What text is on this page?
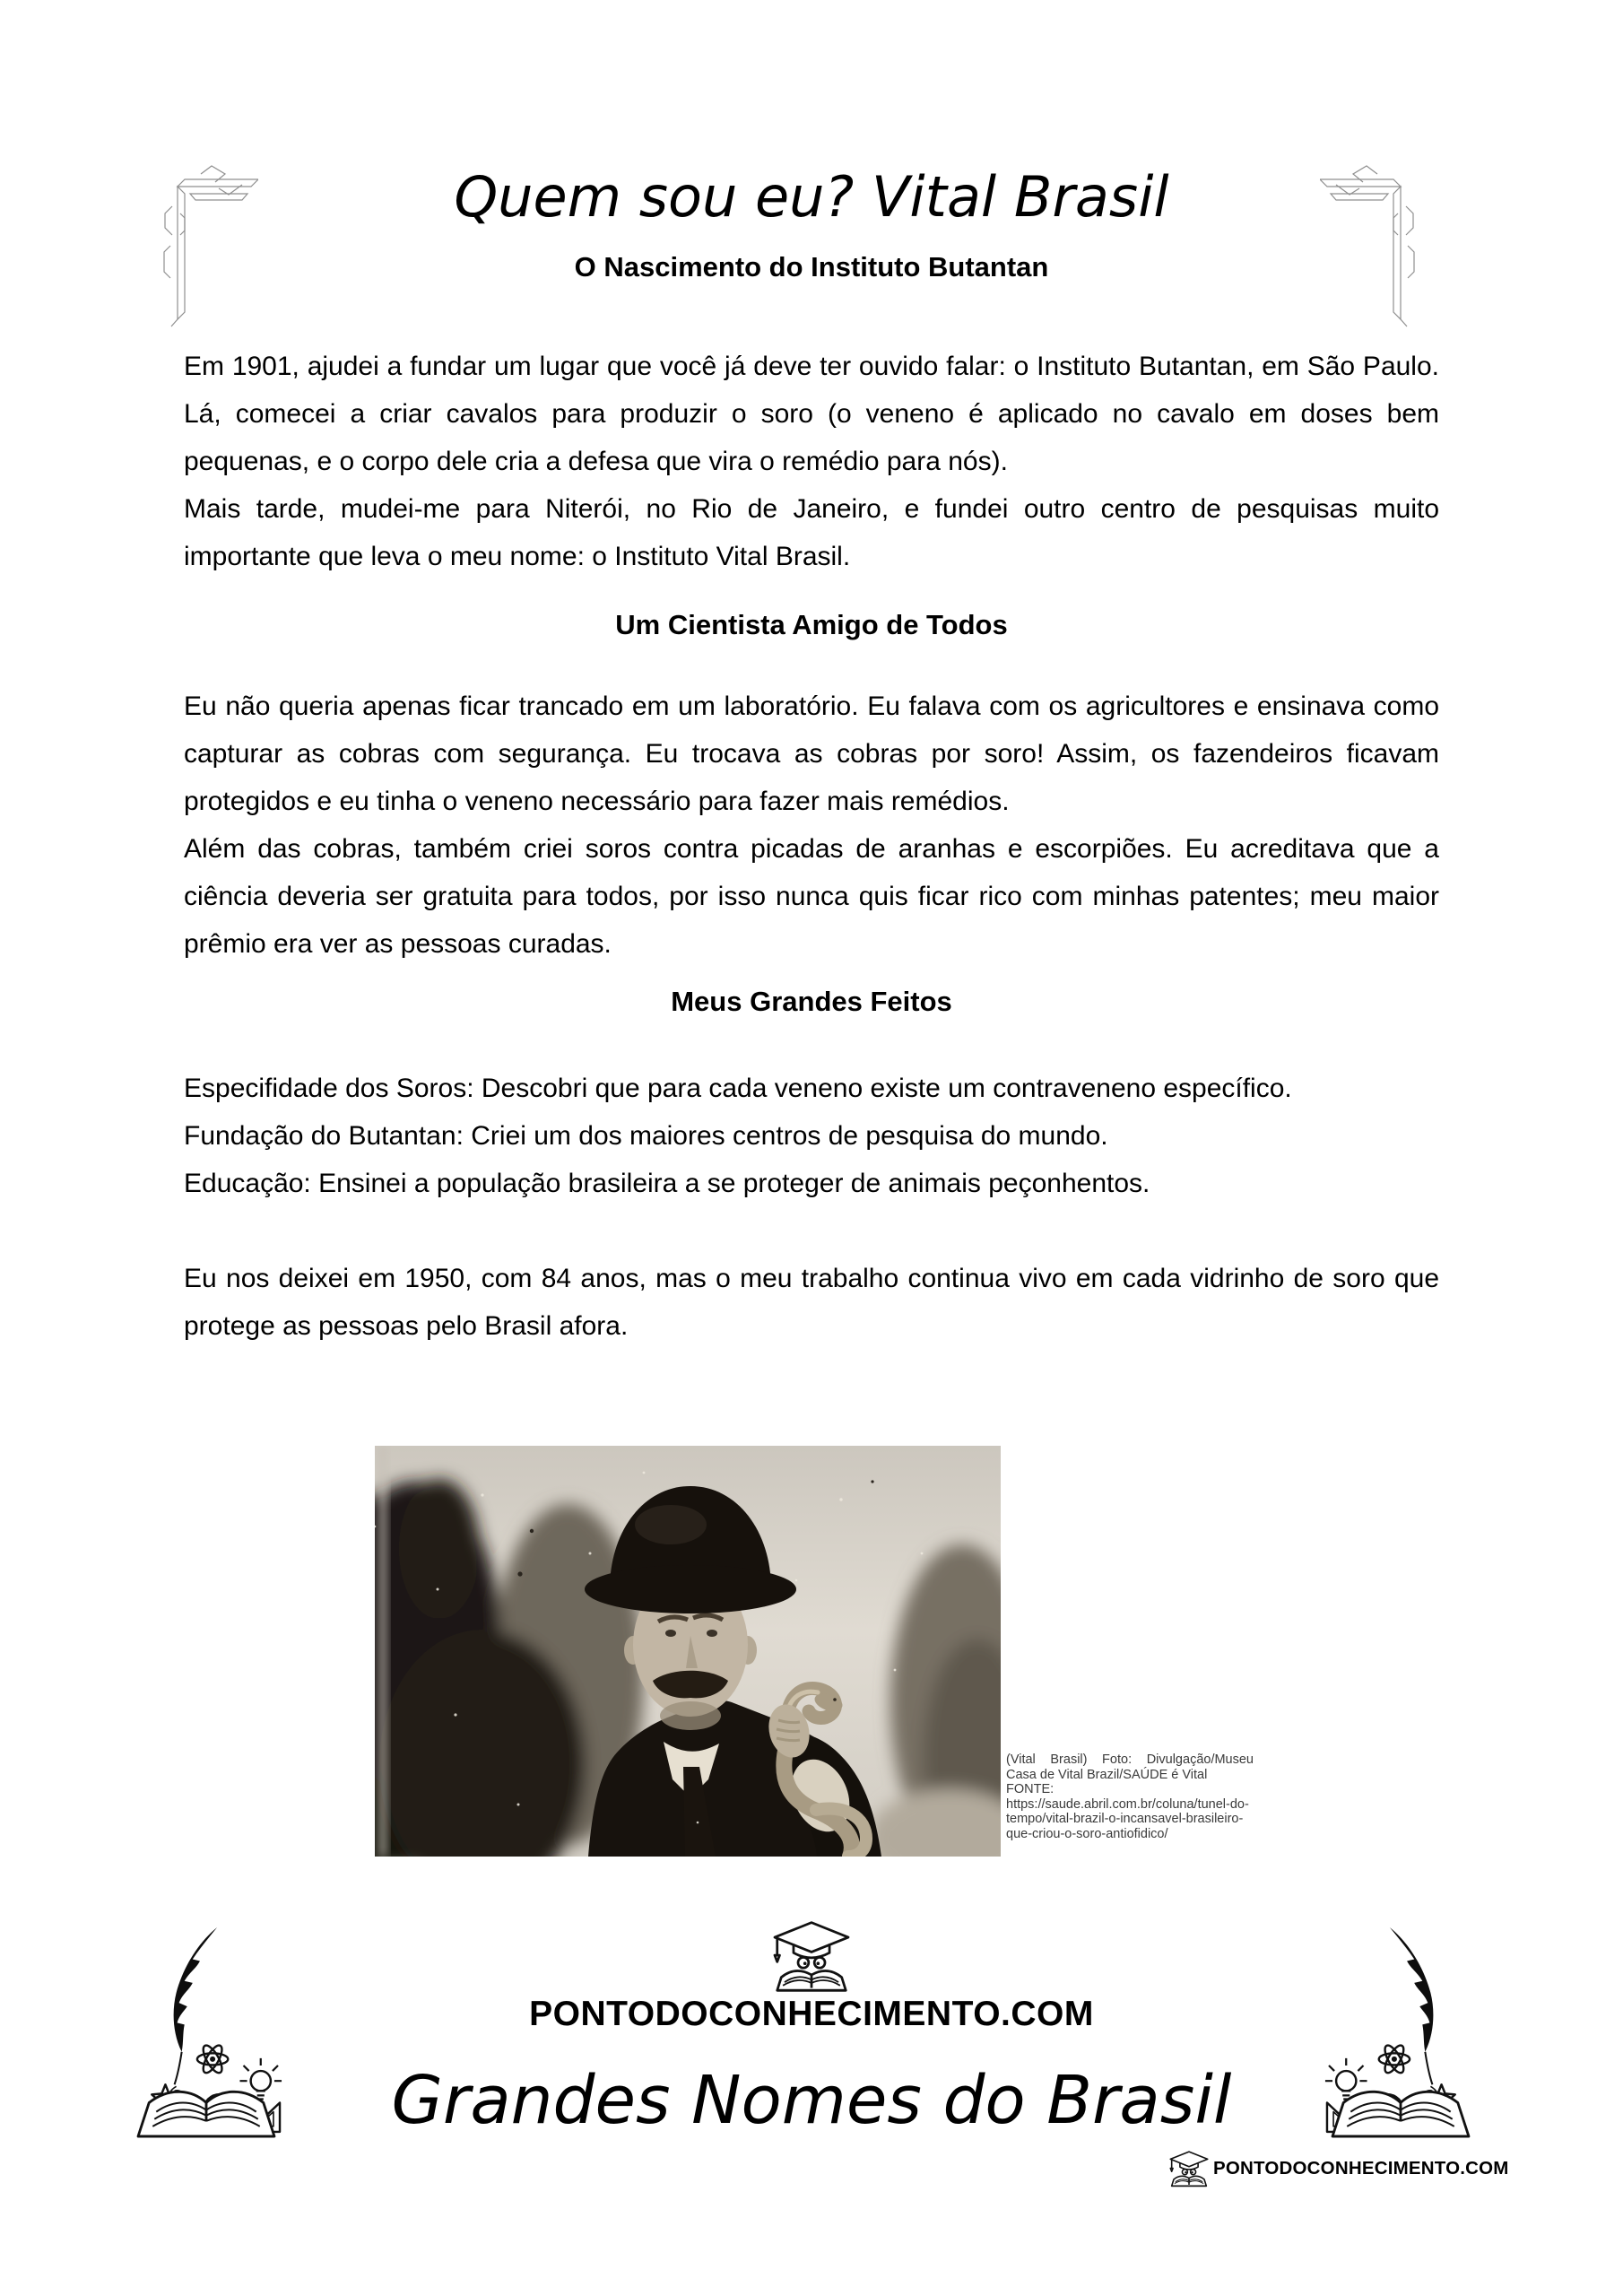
Quem sou eu? Vital Brasil
O Nascimento do Instituto Butantan

Em 1901, ajudei a fundar um lugar que você já deve ter ouvido falar: o Instituto Butantan, em São Paulo. Lá, comecei a criar cavalos para produzir o soro (o veneno é aplicado no cavalo em doses bem pequenas, e o corpo dele cria a defesa que vira o remédio para nós).

Mais tarde, mudei-me para Niterói, no Rio de Janeiro, e fundei outro centro de pesquisas muito importante que leva o meu nome: o Instituto Vital Brasil.

Um Cientista Amigo de Todos

Eu não queria apenas ficar trancado em um laboratório. Eu falava com os agricultores e ensinava como capturar as cobras com segurança. Eu trocava as cobras por soro! Assim, os fazendeiros ficavam protegidos e eu tinha o veneno necessário para fazer mais remédios.

Além das cobras, também criei soros contra picadas de aranhas e escorpiões. Eu acreditava que a ciência deveria ser gratuita para todos, por isso nunca quis ficar rico com minhas patentes; meu maior prêmio era ver as pessoas curadas.

Meus Grandes Feitos

Especifidade dos Soros: Descobri que para cada veneno existe um contraveneno específico.

Fundação do Butantan: Criei um dos maiores centros de pesquisa do mundo.

Educação: Ensinei a população brasileira a se proteger de animais peçonhentos.

Eu nos deixei em 1950, com 84 anos, mas o meu trabalho continua vivo em cada vidrinho de soro que protege as pessoas pelo Brasil afora.

(Vital Brasil) Foto: Divulgação/Museu Casa de Vital Brazil/SAÚDE é Vital
FONTE: https://saude.abril.com.br/coluna/tunel-do-tempo/vital-brazil-o-incansavel-brasileiro-que-criou-o-soro-antiofidico/
PONTODOCONHECIMENTO.COM
Grandes Nomes do Brasil
PONTODOCONHECIMENTO.COM
